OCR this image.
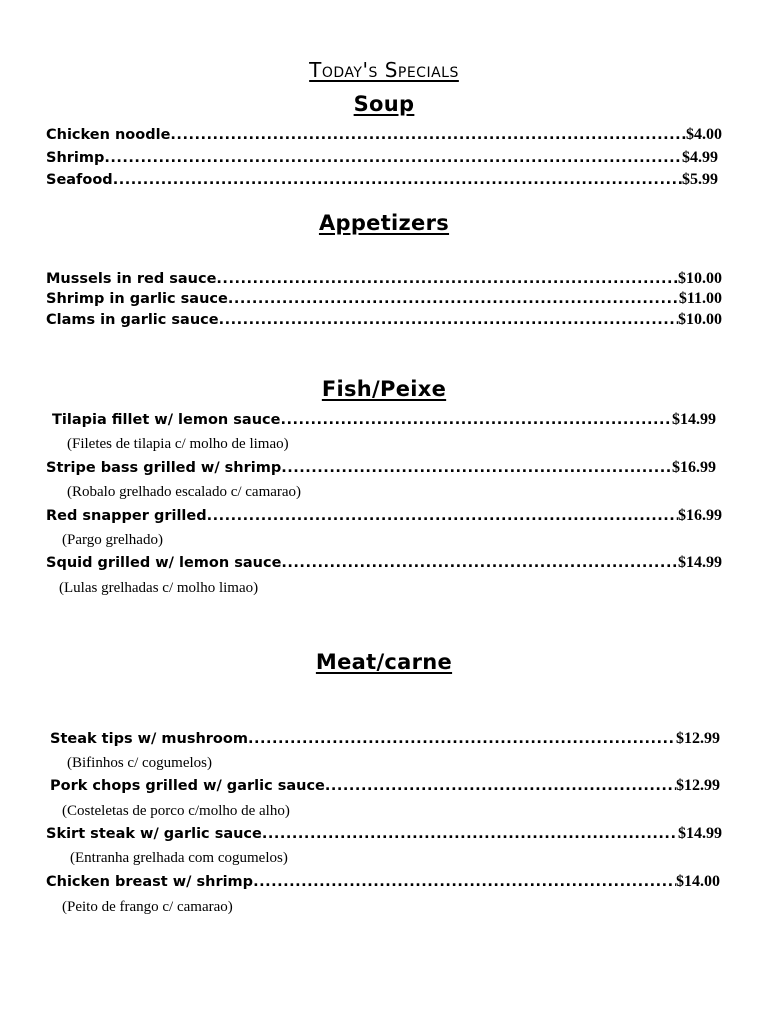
Today's Specials
Soup
Chicken noodle .....	$4.00
Shrimp .....	$4.99
Seafood .....	$5.99
Appetizers
Mussels in red sauce .....	$10.00
Shrimp in garlic sauce .....	$11.00
Clams in garlic sauce .....	$10.00
Fish/Peixe
Tilapia fillet w/ lemon sauce .....	$14.99
(Filetes de tilapia c/ molho de limao)
Stripe bass grilled w/ shrimp .....	$16.99
(Robalo grelhado escalado c/ camarao)
Red snapper grilled .....	$16.99
(Pargo grelhado)
Squid grilled w/ lemon sauce .....	$14.99
(Lulas grelhadas c/ molho limao)
Meat/carne
Steak tips w/ mushroom .....	$12.99
(Bifinhos c/ cogumelos)
Pork chops grilled w/ garlic sauce .....	$12.99
(Costeletas de porco c/molho de alho)
Skirt steak w/ garlic sauce .....	$14.99
(Entranha grelhada com cogumelos)
Chicken breast w/ shrimp .....	$14.00
(Peito de frango c/ camarao)
